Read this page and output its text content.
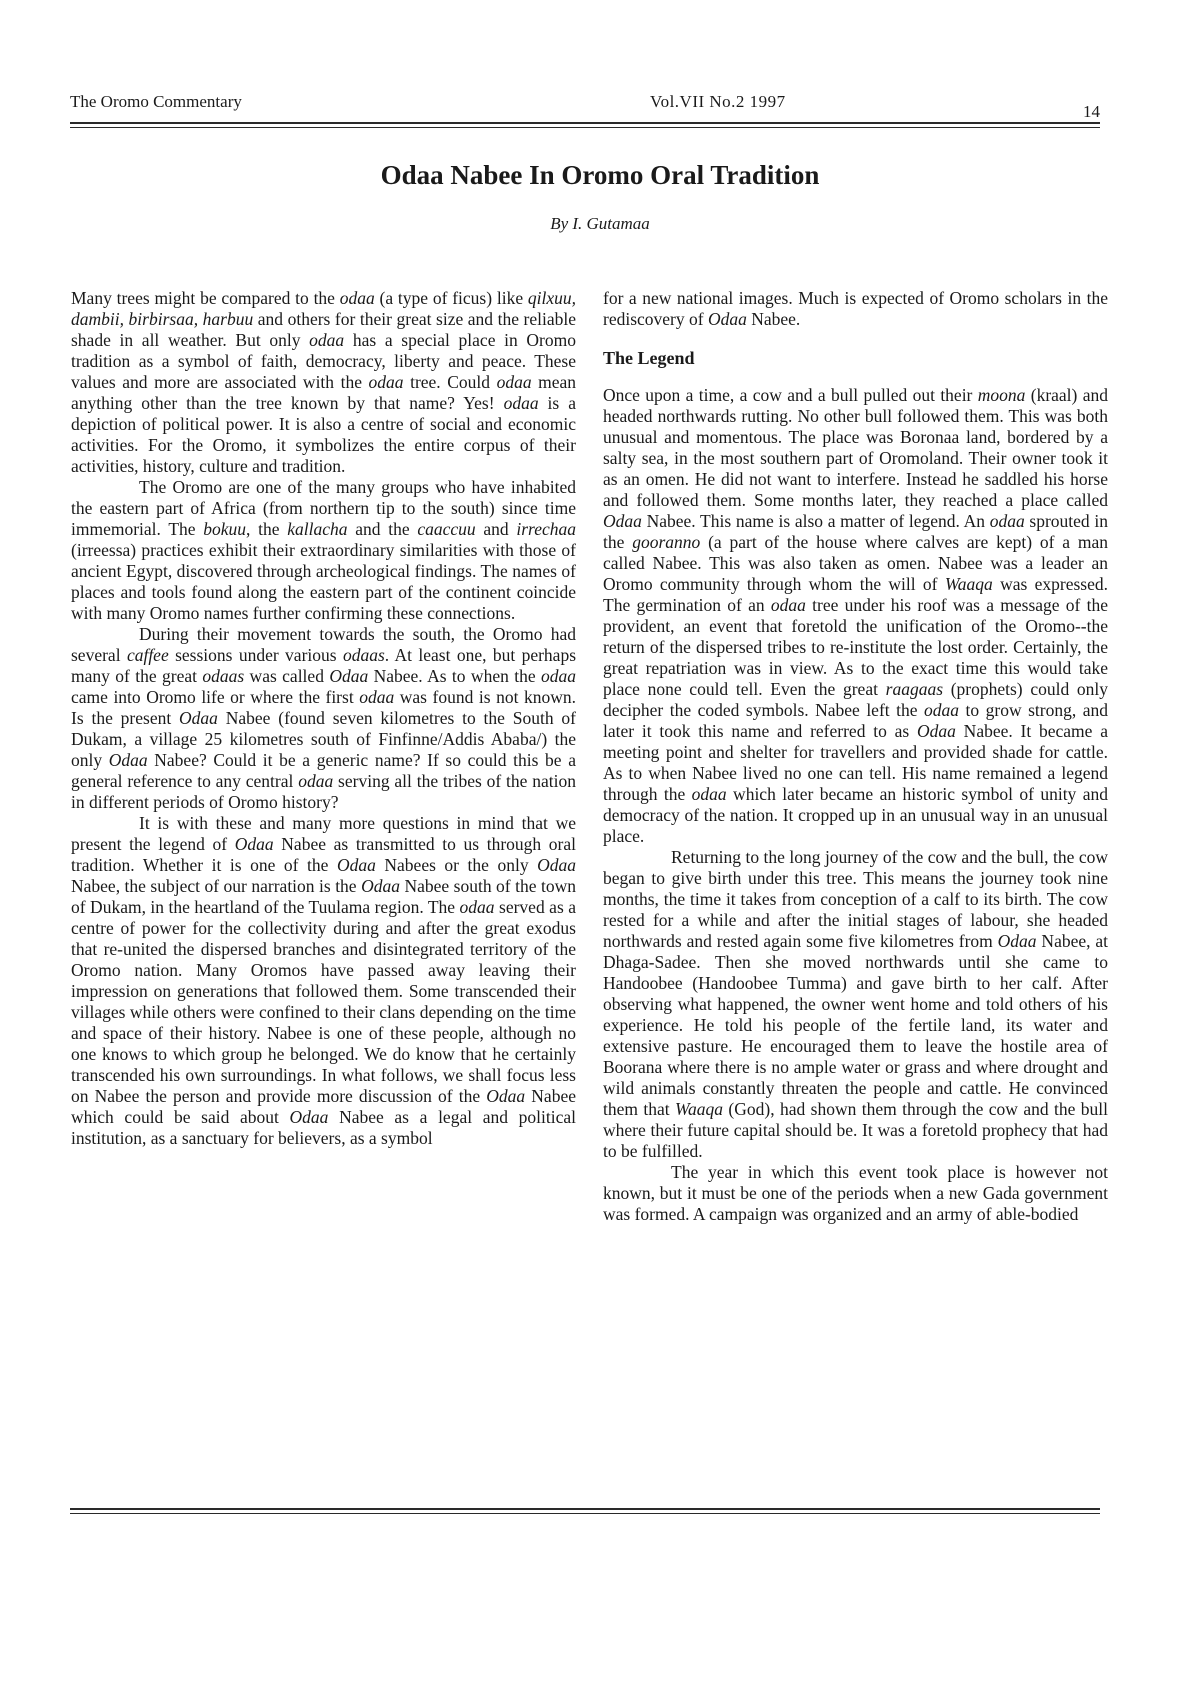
The Oromo Commentary	Vol.VII No.2 1997
14
Odaa Nabee In Oromo Oral Tradition
By I. Gutamaa

Many trees might be compared to the odaa (a type of ficus) like qilxuu, dambii, birbirsaa, harbuu and others for their great size and the reliable shade in all weather. But only odaa has a special place in Oromo tradition as a symbol of faith, democracy, liberty and peace. These values and more are associated with the odaa tree. Could odaa mean anything other than the tree known by that name? Yes! odaa is a depiction of political power. It is also a centre of social and economic activities. For the Oromo, it symbolizes the entire corpus of their activities, history, culture and tradition.

The Oromo are one of the many groups who have inhabited the eastern part of Africa (from northern tip to the south) since time immemorial. The bokuu, the kallacha and the caaccuu and irrechaa (irreessa) practices exhibit their extraordinary similarities with those of ancient Egypt, discovered through archeological findings. The names of places and tools found along the eastern part of the continent coincide with many Oromo names further confirming these connections.

During their movement towards the south, the Oromo had several caffee sessions under various odaas. At least one, but perhaps many of the great odaas was called Odaa Nabee. As to when the odaa came into Oromo life or where the first odaa was found is not known. Is the present Odaa Nabee (found seven kilometres to the South of Dukam, a village 25 kilometres south of Finfinne/Addis Ababa/) the only Odaa Nabee? Could it be a generic name? If so could this be a general reference to any central odaa serving all the tribes of the nation in different periods of Oromo history?

It is with these and many more questions in mind that we present the legend of Odaa Nabee as transmitted to us through oral tradition. Whether it is one of the Odaa Nabees or the only Odaa Nabee, the subject of our narration is the Odaa Nabee south of the town of Dukam, in the heartland of the Tuulama region. The odaa served as a centre of power for the collectivity during and after the great exodus that re-united the dispersed branches and disintegrated territory of the Oromo nation. Many Oromos have passed away leaving their impression on generations that followed them. Some transcended their villages while others were confined to their clans depending on the time and space of their history. Nabee is one of these people, although no one knows to which group he belonged. We do know that he certainly transcended his own surroundings. In what follows, we shall focus less on Nabee the person and provide more discussion of the Odaa Nabee which could be said about Odaa Nabee as a legal and political institution, as a sanctuary for believers, as a symbol

for a new national images. Much is expected of Oromo scholars in the rediscovery of Odaa Nabee.

The Legend

Once upon a time, a cow and a bull pulled out their moona (kraal) and headed northwards rutting. No other bull followed them. This was both unusual and momentous. The place was Boronaa land, bordered by a salty sea, in the most southern part of Oromoland. Their owner took it as an omen. He did not want to interfere. Instead he saddled his horse and followed them. Some months later, they reached a place called Odaa Nabee. This name is also a matter of legend. An odaa sprouted in the gooranno (a part of the house where calves are kept) of a man called Nabee. This was also taken as omen. Nabee was a leader an Oromo community through whom the will of Waaqa was expressed. The germination of an odaa tree under his roof was a message of the provident, an event that foretold the unification of the Oromo--the return of the dispersed tribes to re-institute the lost order. Certainly, the great repatriation was in view. As to the exact time this would take place none could tell. Even the great raagaas (prophets) could only decipher the coded symbols. Nabee left the odaa to grow strong, and later it took this name and referred to as Odaa Nabee. It became a meeting point and shelter for travellers and provided shade for cattle. As to when Nabee lived no one can tell. His name remained a legend through the odaa which later became an historic symbol of unity and democracy of the nation. It cropped up in an unusual way in an unusual place.

Returning to the long journey of the cow and the bull, the cow began to give birth under this tree. This means the journey took nine months, the time it takes from conception of a calf to its birth. The cow rested for a while and after the initial stages of labour, she headed northwards and rested again some five kilometres from Odaa Nabee, at Dhaga-Sadee. Then she moved northwards until she came to Handoobee (Handoobee Tumma) and gave birth to her calf. After observing what happened, the owner went home and told others of his experience. He told his people of the fertile land, its water and extensive pasture. He encouraged them to leave the hostile area of Boorana where there is no ample water or grass and where drought and wild animals constantly threaten the people and cattle. He convinced them that Waaqa (God), had shown them through the cow and the bull where their future capital should be. It was a foretold prophecy that had to be fulfilled.

The year in which this event took place is however not known, but it must be one of the periods when a new Gada government was formed. A campaign was organized and an army of able-bodied
